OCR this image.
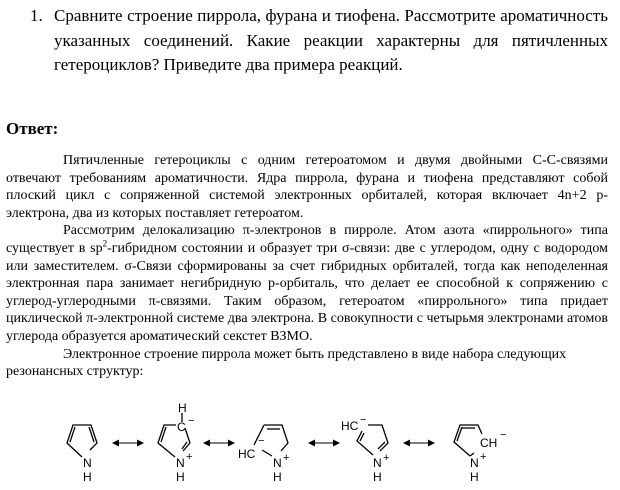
1. Сравните строение пиррола, фурана и тиофена. Рассмотрите ароматичность указанных соединений. Какие реакции характерны для пятичленных гетероциклов? Приведите два примера реакций.
Ответ:

Пятичленные гетероциклы с одним гетероатомом и двумя двойными С-С-связями отвечают требованиям ароматичности. Ядра пиррола, фурана и тиофена представляют собой плоский цикл с сопряженной системой электронных орбиталей, которая включает 4n+2 р-электрона, два из которых поставляет гетероатом.

Рассмотрим делокализацию π-электронов в пирроле. Атом азота «пиррольного» типа существует в $sp^2$-гибридном состоянии и образует три σ-связи: две с углеродом, одну с водородом или заместителем. σ-Связи сформированы за счет гибридных орбиталей, тогда как неподеленная электронная пара занимает негибридную р-орбиталь, что делает ее способной к сопряжению с углерод-углеродными π-связями. Таким образом, гетероатом «пиррольного» типа придает циклической π-электронной системе два электрона. В совокупности с четырьмя электронами атомов углерода образуется ароматический секстет ВЗМО.

Электронное строение пиррола может быть представлено в виде набора следующих резонансных структур:

N
H
H
C −
N +
H
HC
−
N +
H
HC −
N +
H
CH
−
N +
H
